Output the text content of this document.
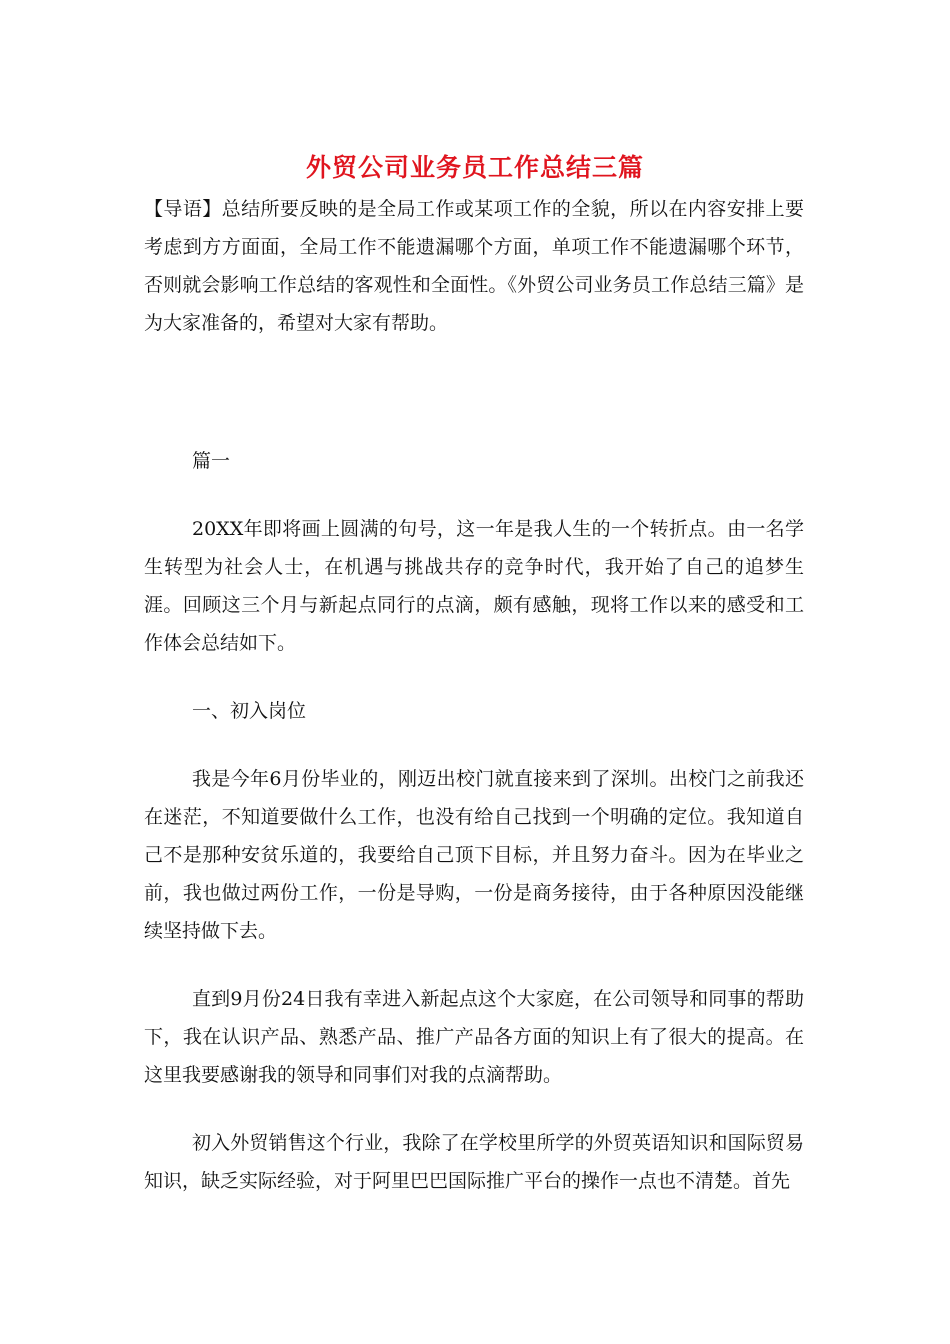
外贸公司业务员工作总结三篇

【导语】总结所要反映的是全局工作或某项工作的全貌，所以在内容安排上要考虑到方方面面，全局工作不能遗漏哪个方面，单项工作不能遗漏哪个环节，否则就会影响工作总结的客观性和全面性。《外贸公司业务员工作总结三篇》是为大家准备的，希望对大家有帮助。

篇一

20XX年即将画上圆满的句号，这一年是我人生的一个转折点。由一名学生转型为社会人士，在机遇与挑战共存的竞争时代，我开始了自己的追梦生涯。回顾这三个月与新起点同行的点滴，颇有感触，现将工作以来的感受和工作体会总结如下。

一、初入岗位

我是今年6月份毕业的，刚迈出校门就直接来到了深圳。出校门之前我还在迷茫，不知道要做什么工作，也没有给自己找到一个明确的定位。我知道自己不是那种安贫乐道的，我要给自己顶下目标，并且努力奋斗。因为在毕业之前，我也做过两份工作，一份是导购，一份是商务接待，由于各种原因没能继续坚持做下去。

直到9月份24日我有幸进入新起点这个大家庭，在公司领导和同事的帮助下，我在认识产品、熟悉产品、推广产品各方面的知识上有了很大的提高。在这里我要感谢我的领导和同事们对我的点滴帮助。

初入外贸销售这个行业，我除了在学校里所学的外贸英语知识和国际贸易知识，缺乏实际经验，对于阿里巴巴国际推广平台的操作一点也不清楚。首先
